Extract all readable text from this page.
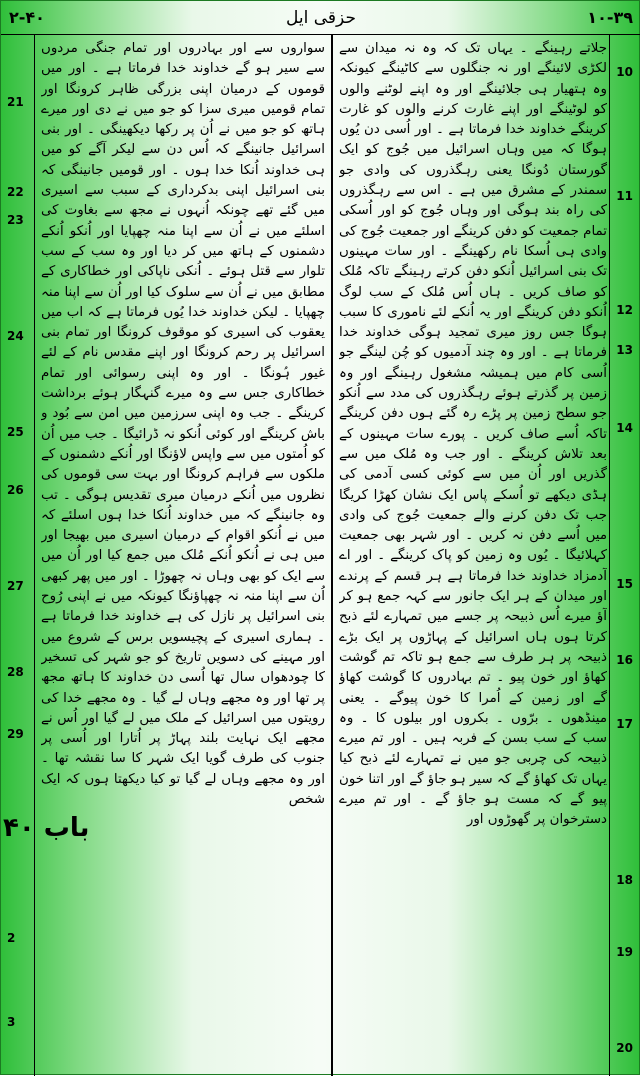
۲-۴۰	حزقی ایل	۱۰-۳۹

جلاتے رہینگے ۔ یہاں تک کہ وہ نہ میدان سے لکڑی لائینگے اور نہ جنگلوں سے کاٹینگے کیونکہ وہ ہتھیار ہی جلائینگے اور وہ اپنے لوٹنے والوں کو لوٹینگے اور اپنے غارت کرنے والوں کو غارت کرینگے خداوند خدا فرماتا ہے ۔ اور اُسی دن یُوں ہوگا کہ میں وہاں اسرائیل میں جُوج کو ایک گورستان دُونگا یعنی رہگذروں کی وادی جو سمندر کے مشرق میں ہے ۔ اس سے رہگذروں کی راہ بند ہوگی اور وہاں جُوج کو اور اُسکی تمام جمعیت کو دفن کرینگے اور جمعیت جُوج کی وادی ہی اُسکا نام رکھینگے ۔ اور سات مہینوں تک بنی اسرائیل اُنکو دفن کرتے رہینگے تاکہ مُلک کو صاف کریں ۔ ہاں اُس مُلک کے سب لوگ اُنکو دفن کرینگے اور یہ اُنکے لئے ناموری کا سبب ہوگا جس روز میری تمجید ہوگی خداوند خدا فرماتا ہے ۔ اور وہ چند آدمیوں کو چُن لینگے جو اُسی کام میں ہمیشہ مشغول رہینگے اور وہ زمین پر گذرتے ہوئے رہگذروں کی مدد سے اُنکو جو سطح زمین پر پڑے رہ گئے ہوں دفن کرینگے تاکہ اُسے صاف کریں ۔ پورے سات مہینوں کے بعد تلاش کرینگے ۔ اور جب وہ مُلک میں سے گذریں اور اُن میں سے کوئی کسی آدمی کی ہڈی دیکھے تو اُسکے پاس ایک نشان کھڑا کریگا جب تک دفن کرنے والے جمعیت جُوج کی وادی میں اُسے دفن نہ کریں ۔ اور شہر بھی جمعیت کہلائیگا ۔ یُوں وہ زمین کو پاک کرینگے ۔ اور اے آدمزاد خداوند خدا فرماتا ہے ہر قسم کے پرندے اور میدان کے ہر ایک جانور سے کہہ جمع ہو کر آؤ میرے اُس ذبیحہ پر جسے میں تمہارے لئے ذبح کرتا ہوں ہاں اسرائیل کے پہاڑوں پر ایک بڑے ذبیحہ پر ہر طرف سے جمع ہو تاکہ تم گوشت کھاؤ اور خون پیو ۔ تم بہادروں کا گوشت کھاؤ گے اور زمین کے اُمرا کا خون پیوگے ۔ یعنی مینڈھوں ۔ برّوں ۔ بکروں اور بیلوں کا ۔ وہ سب کے سب بسن کے فربہ ہیں ۔ اور تم میرے ذبیحہ کی چربی جو میں نے تمہارے لئے ذبح کیا یہاں تک کھاؤ گے کہ سیر ہو جاؤ گے اور اتنا خون پیو گے کہ مست ہو جاؤ گے ۔ اور تم میرے دسترخوان پر گھوڑوں اور

سواروں سے اور بہادروں اور تمام جنگی مردوں سے سیر ہو گے خداوند خدا فرماتا ہے ۔ اور میں قوموں کے درمیان اپنی بزرگی ظاہر کرونگا اور تمام قومیں میری سزا کو جو میں نے دی اور میرے ہاتھ کو جو میں نے اُن پر رکھا دیکھینگی ۔ اور بنی اسرائیل جانینگے کہ اُس دن سے لیکر آگے کو میں ہی خداوند اُنکا خدا ہوں ۔ اور قومیں جانینگی کہ بنی اسرائیل اپنی بدکرداری کے سبب سے اسیری میں گئے تھے چونکہ اُنہوں نے مجھ سے بغاوت کی اسلئے میں نے اُن سے اپنا منہ چھپایا اور اُنکو اُنکے دشمنوں کے ہاتھ میں کر دیا اور وہ سب کے سب تلوار سے قتل ہوئے ۔ اُنکی ناپاکی اور خطاکاری کے مطابق میں نے اُن سے سلوک کیا اور اُن سے اپنا منہ چھپایا ۔ لیکن خداوند خدا یُوں فرماتا ہے کہ اب میں یعقوب کی اسیری کو موقوف کرونگا اور تمام بنی اسرائیل پر رحم کرونگا اور اپنے مقدس نام کے لئے غیور ہُونگا ۔ اور وہ اپنی رسوائی اور تمام خطاکاری جس سے وہ میرے گنہگار ہوئے برداشت کرینگے ۔ جب وہ اپنی سرزمین میں امن سے بُود و باش کرینگے اور کوئی اُنکو نہ ڈرائیگا ۔ جب میں اُن کو اُمتوں میں سے واپس لاؤنگا اور اُنکے دشمنوں کے ملکوں سے فراہم کرونگا اور بہت سی قوموں کی نظروں میں اُنکے درمیان میری تقدیس ہوگی ۔ تب وہ جانینگے کہ میں خداوند اُنکا خدا ہوں اسلئے کہ میں نے اُنکو اقوام کے درمیان اسیری میں بھیجا اور میں ہی نے اُنکو اُنکے مُلک میں جمع کیا اور اُن میں سے ایک کو بھی وہاں نہ چھوڑا ۔ اور میں پھر کبھی اُن سے اپنا منہ نہ چھپاؤنگا کیونکہ میں نے اپنی رُوح بنی اسرائیل پر نازل کی ہے خداوند خدا فرماتا ہے ۔ ہماری اسیری کے پچیسویں برس کے شروع میں اور مہینے کی دسویں تاریخ کو جو شہر کی تسخیر کا چودھواں سال تھا اُسی دن خداوند کا ہاتھ مجھ پر تھا اور وہ مجھے وہاں لے گیا ۔ وہ مجھے خدا کی رویتوں میں اسرائیل کے ملک میں لے گیا اور اُس نے مجھے ایک نہایت بلند پہاڑ پر اُتارا اور اُسی پر جنوب کی طرف گویا ایک شہر کا سا نقشہ تھا ۔ اور وہ مجھے وہاں لے گیا تو کیا دیکھتا ہوں کہ ایک شخص

10
11
12
13
14
15
16
17
18
19
20
21
22
23
24
25
26
27
28
29
۴۰ باب
2
3
